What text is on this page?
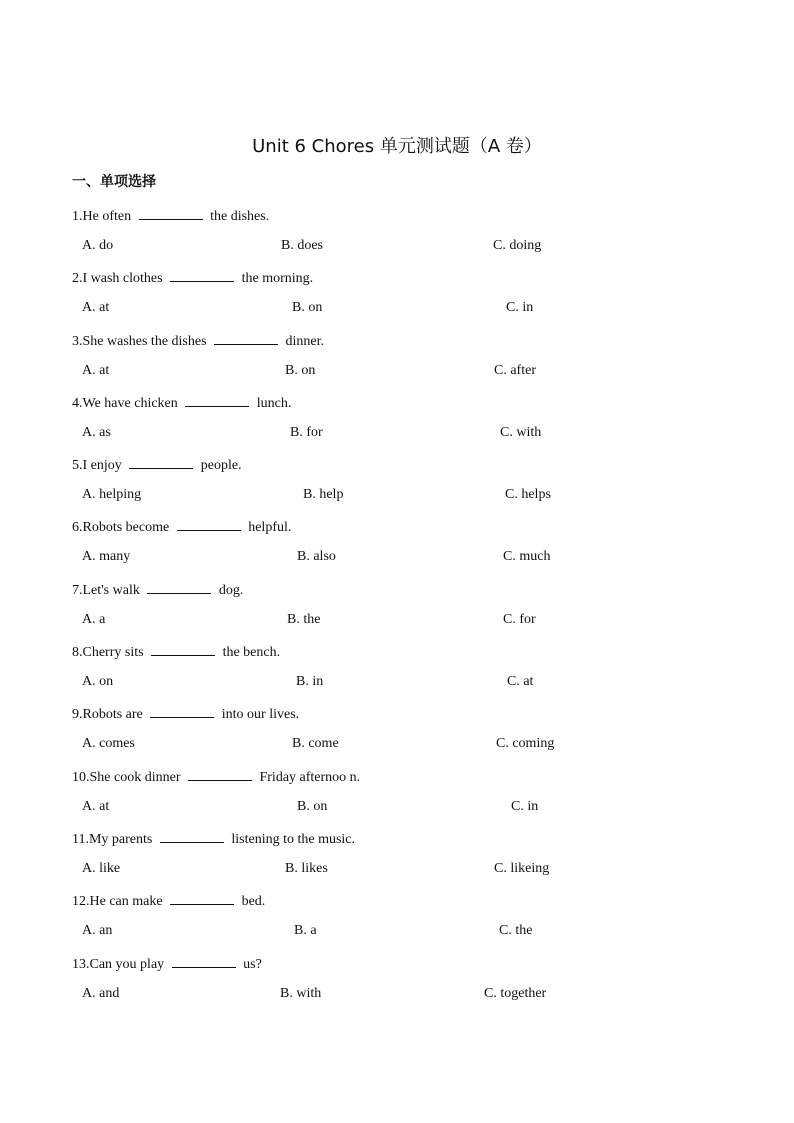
Unit 6 Chores 单元测试题（A 卷）
一、单项选择
1.He often	the dishes.
A. do	B. does	C. doing
2.I wash clothes	the morning.
A. at	B. on	C. in
3.She washes the dishes	dinner.
A. at	B. on	C. after
4.We have chicken	lunch.
A. as	B. for	C. with
5.I enjoy	people.
A. helping	B. help	C. helps
6.Robots become	helpful.
A. many	B. also	C. much
7.Let's walk	dog.
A. a	B. the	C. for
8.Cherry sits	the bench.
A. on	B. in	C. at
9.Robots are	into our lives.
A. comes	B. come	C. coming
10.She cook dinner	Friday afternoo n.
A. at	B. on	C. in
11.My parents	listening to the music.
A. like	B. likes	C. likeing
12.He can make	bed.
A. an	B. a	C. the
13.Can you play	us?
A. and	B. with	C. together
